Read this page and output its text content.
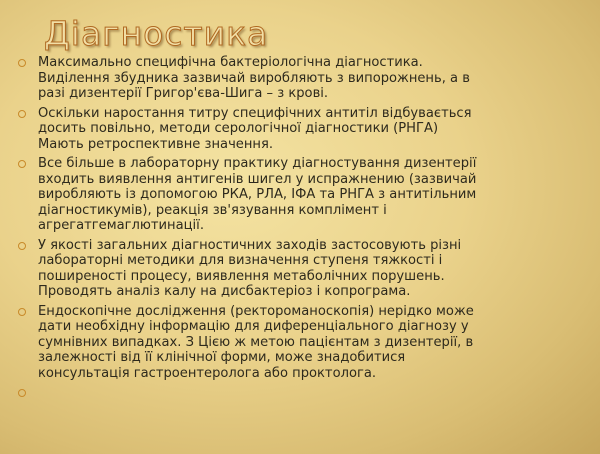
Діагностика
Максимально специфічна бактеріологічна діагностика.
Виділення збудника зазвичай виробляють з випорожнень, а в
разі дизентерії Григор'єва-Шига – з крові.
Оскільки наростання титру специфічних антитіл відбувається
досить повільно, методи серологічної діагностики (РНГА)
Мають ретроспективне значення.
Все більше в лабораторну практику діагностування дизентерії
входить виявлення антигенів шигел у испражнению (зазвичай
виробляють із допомогою РКА, РЛА, ІФА та РНГА з антитільним
діагностикумів), реакція зв'язування комплімент і
агрегатгемаглютинації.
У якості загальних діагностичних заходів застосовують різні
лабораторні методики для визначення ступеня тяжкості і
поширеності процесу, виявлення метаболічних порушень.
Проводять аналіз калу на дисбактеріоз і копрограма.
Ендоскопічне дослідження (ректороманоскопія) нерідко може
дати необхідну інформацію для диференціального діагнозу у
сумнівних випадках. З Цією ж метою пацієнтам з дизентерії, в
залежності від її клінічної форми, може знадобитися
консультація гастроентеролога або проктолога.
